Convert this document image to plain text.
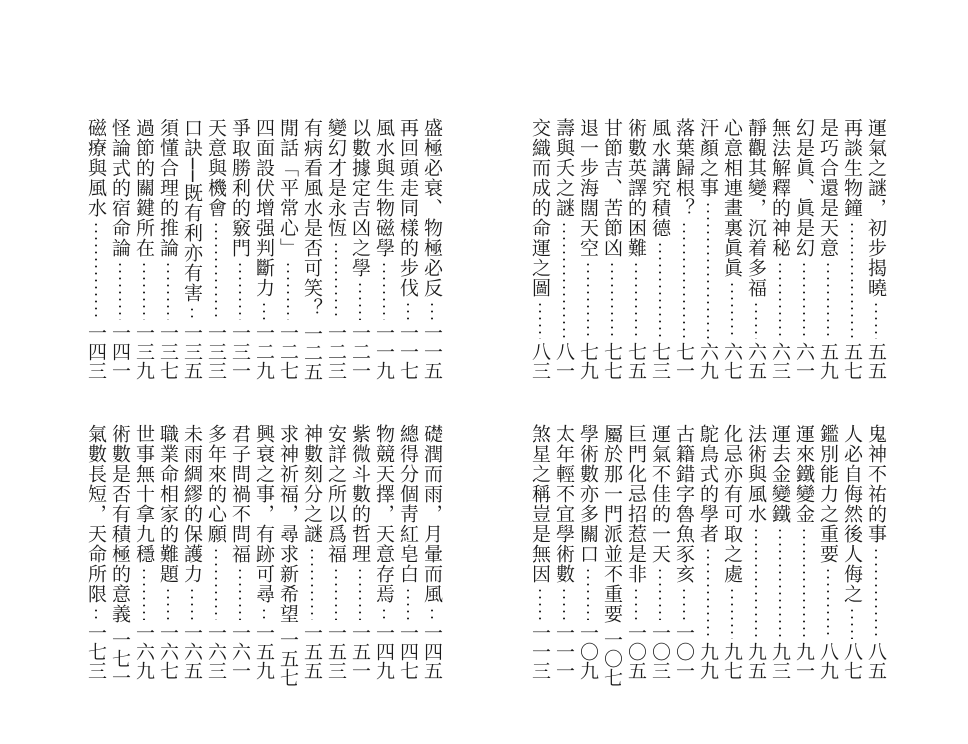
盛極必衰、物極必反
一一五
再回頭走同樣的步伐
一一七
風水與生物磁學
一一九
以數據定吉凶之學
一二一
變幻才是永恆
一二三
有病看風水是否可笑？
一二五
閒話「平常心」
一二七
四面設伏增强判斷力
一二九
爭取勝利的竅門
一三一
天意與機會
一三三
口訣──既有利亦有害
一三五
須懂合理的推論
一三七
過節的關鍵所在
一三九
怪論式的宿命論
一四一
磁療與風水
一四三
礎潤而雨，月暈而風
一四五
總得分個靑紅皂白
一四七
物競天擇，天意存焉
一四九
紫微斗數的哲理
一五一
安詳之所以爲福
一五三
神數刻分之謎
一五五
求神祈福，尋求新希望
一五七
興衰之事，有跡可尋
一五九
君子問禍不問福
一六一
多年來的心願
一六三
未雨綢繆的保護力
一六五
職業命相家的難題
一六七
世事無十拿九穩
一六九
術數是否有積極的意義
一七一
氣數長短，天命所限
一七三
運氣之謎，初步揭曉
五五
再談生物鐘
五七
是巧合還是天意
五九
幻是眞、眞是幻
六一
無法解釋的神秘
六三
靜觀其變，沉着多福
六五
心意相連畫裏眞眞
六七
汗顏之事
六九
落葉歸根？
七一
風水講究積德
七三
術數英譯的困難
七五
甘節吉、苦節凶
七七
退一步海闊天空
七九
壽與夭之謎
八一
交織而成的命運之圖
八三
鬼神不祐的事
八五
人必自侮然後人侮之
八七
鑑別能力之重要
八九
運來鐵變金
九一
運去金變鐵
九三
法術與風水
九五
化忌亦有可取之處
九七
鴕鳥式的學者
九九
古籍錯字魯魚豕亥
一〇一
運氣不佳的一天
一〇三
巨門化忌招惹是非
一〇五
屬於那一門派並不重要
一〇七
學術數亦多關口
一〇九
太年輕不宜學術數
一一一
煞星之稱豈是無因
一一三
